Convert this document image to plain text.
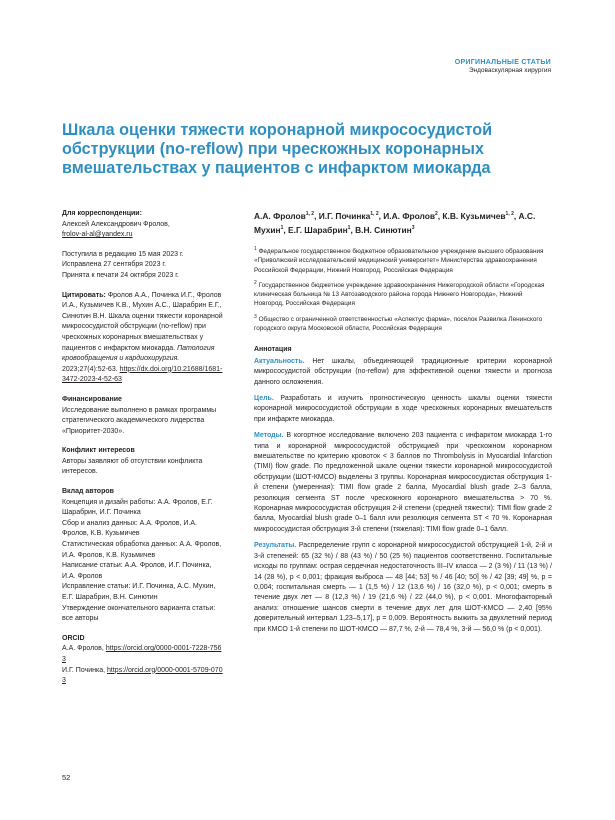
ОРИГИНАЛЬНЫЕ СТАТЬИ
Эндоваскулярная хирургия
Шкала оценки тяжести коронарной микрососудистой обструкции (no-reflow) при чрескожных коронарных вмешательствах у пациентов с инфарктом миокарда

Для корреспонденции:

Алексей Александрович Фролов,

frolov-al-al@yandex.ru

Поступила в редакцию 15 мая 2023 г.

Исправлена 27 сентября 2023 г.

Принята к печати 24 октября 2023 г.

Цитировать: Фролов А.А., Починка И.Г., Фролов И.А., Кузьмичев К.В., Мухин А.С., Шарабрин Е.Г., Синютин В.Н. Шкала оценки тяжести коронарной микрососудистой обструкции (no-reflow) при чрескожных коронарных вмешательствах у пациентов с инфарктом миокарда. Патология кровообращения и кардиохирургия. 2023;27(4):52-63. https://dx.doi.org/10.21688/1681-3472-2023-4-52-63

Финансирование

Исследование выполнено в рамках программы стратегического академического лидерства «Приоритет-2030».

Конфликт интересов

Авторы заявляют об отсутствии конфликта интересов.

Вклад авторов

Концепция и дизайн работы: А.А. Фролов, Е.Г. Шарабрин, И.Г. Починка

Сбор и анализ данных: А.А. Фролов, И.А. Фролов, К.В. Кузьмичев

Статистическая обработка данных: А.А. Фролов, И.А. Фролов, К.В. Кузьмичев

Написание статьи: А.А. Фролов, И.Г. Починка, И.А. Фролов

Исправление статьи: И.Г. Починка, А.С. Мухин, Е.Г. Шарабрин, В.Н. Синютин

Утверждение окончательного варианта статьи: все авторы

ORCID

А.А. Фролов, https://orcid.org/0000-0001-7228-7563

И.Г. Починка, https://orcid.org/0000-0001-5709-0703

А.А. Фролов$^{1, 2}$, И.Г. Починка$^{1, 2}$, И.А. Фролов$^2$, К.В. Кузьмичев$^{1, 2}$, А.С. Мухин$^1$, Е.Г. Шарабрин$^1$, В.Н. Синютин$^3$

$^1$ Федеральное государственное бюджетное образовательное учреждение высшего образования «Приволжский исследовательский медицинский университет» Министерства здравоохранения Российской Федерации, Нижний Новгород, Российская Федерация

$^2$ Государственное бюджетное учреждение здравоохранения Нижегородской области «Городская клиническая больница № 13 Автозаводского района города Нижнего Новгорода», Нижний Новгород, Российская Федерация

$^3$ Общество с ограниченной ответственностью «Аспектус фарма», поселок Развилка Ленинского городского округа Московской области, Российская Федерация

Аннотация

Актуальность. Нет шкалы, объединяющей традиционные критерии коронарной микрососудистой обструкции (no-reflow) для эффективной оценки тяжести и прогноза данного осложнения.

Цель. Разработать и изучить прогностическую ценность шкалы оценки тяжести коронарной микрососудистой обструкции в ходе чрескожных коронарных вмешательств при инфаркте миокарда.

Методы. В когортное исследование включено 203 пациента с инфарктом миокарда 1-го типа и коронарной микрососудистой обструкцией при чрескожном коронарном вмешательстве по критерию кровоток < 3 баллов по Thrombolysis in Myocardial Infarction (TIMI) flow grade. По предложенной шкале оценки тяжести коронарной микрососудистой обструкции (ШОТ-КМСО) выделены 3 группы. Коронарная микрососудистая обструкция 1-й степени (умеренная): TIMI flow grade 2 балла, Myocardial blush grade 2–3 балла, резолюция сегмента ST после чрескожного коронарного вмешательства > 70 %. Коронарная микрососудистая обструкция 2-й степени (средней тяжести): TIMI flow grade 2 балла, Myocardial blush grade 0–1 балл или резолюция сегмента ST < 70 %. Коронарная микрососудистая обструкция 3-й степени (тяжелая): TIMI flow grade 0–1 балл.

Результаты. Распределение групп с коронарной микрососудистой обструкцией 1-й, 2-й и 3-й степеней: 65 (32 %) / 88 (43 %) / 50 (25 %) пациентов соответственно. Госпитальные исходы по группам: острая сердечная недостаточность III–IV класса — 2 (3 %) / 11 (13 %) / 14 (28 %), p < 0,001; фракция выброса — 48 [44; 53] % / 46 [40; 50] % / 42 [39; 49] %, p = 0,004; госпитальная смерть — 1 (1,5 %) / 12 (13,6 %) / 16 (32,0 %), p < 0,001; смерть в течение двух лет — 8 (12,3 %) / 19 (21,6 %) / 22 (44,0 %), p < 0,001. Многофакторный анализ: отношение шансов смерти в течение двух лет для ШОТ-КМСО — 2,40 [95% доверительный интервал 1,23–5,17], p = 0,009. Вероятность выжить за двухлетний период при КМСО 1-й степени по ШОТ-КМСО — 87,7 %, 2-й — 78,4 %, 3-й — 56,0 % (p < 0,001).

52
